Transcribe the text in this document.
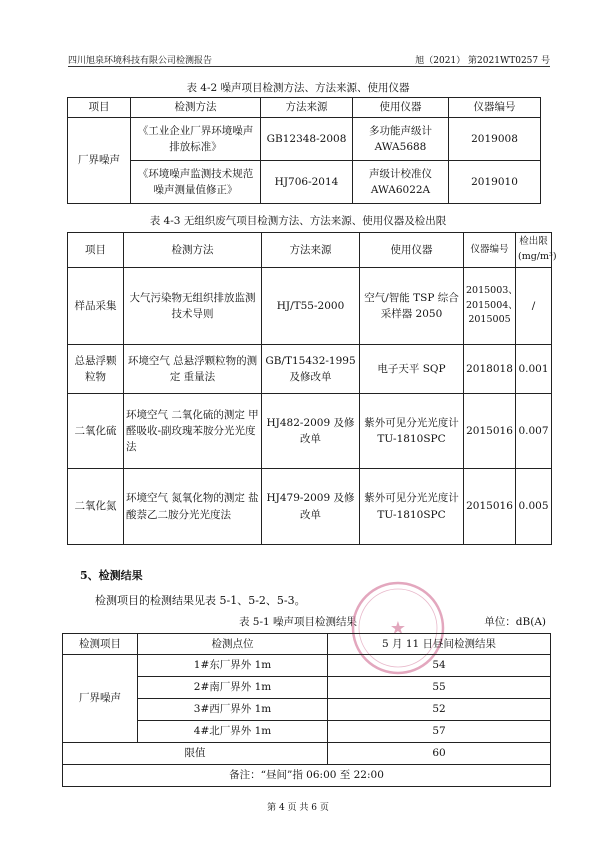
四川旭泉环境科技有限公司检测报告	旭（2021） 第2021WT0257 号
表 4-2 噪声项目检测方法、方法来源、使用仪器
项目	检测方法	方法来源	使用仪器	仪器编号
厂界噪声	《工业企业厂界环境噪声排放标准》	GB12348-2008	多功能声级计 AWA5688	2019008
	《环境噪声监测技术规范噪声测量值修正》	HJ706-2014	声级计校准仪 AWA6022A	2019010
表 4-3 无组织废气项目检测方法、方法来源、使用仪器及检出限
项目	检测方法	方法来源	使用仪器	仪器编号	检出限 (mg/m³)
样品采集	大气污染物无组织排放监测技术导则	HJ/T55-2000	空气/智能 TSP 综合采样器 2050	2015003、2015004、2015005	/
总悬浮颗粒物	环境空气 总悬浮颗粒物的测定 重量法	GB/T15432-1995 及修改单	电子天平 SQP	2018018	0.001
二氧化硫	环境空气 二氧化硫的测定 甲醛吸收-副玫瑰苯胺分光光度法	HJ482-2009 及修改单	紫外可见分光光度计 TU-1810SPC	2015016	0.007
二氧化氮	环境空气 氮氧化物的测定 盐酸萘乙二胺分光光度法	HJ479-2009 及修改单	紫外可见分光光度计 TU-1810SPC	2015016	0.005
5、检测结果
检测项目的检测结果见表 5-1、5-2、5-3。
表 5-1 噪声项目检测结果	单位：dB(A)
★
检测项目	检测点位	5 月 11 日昼间检测结果
厂界噪声	1#东厂界外 1m	54
	2#南厂界外 1m	55
	3#西厂界外 1m	52
	4#北厂界外 1m	57
限值		60
备注：“昼间”指 06:00 至 22:00		
第 4 页 共 6 页
